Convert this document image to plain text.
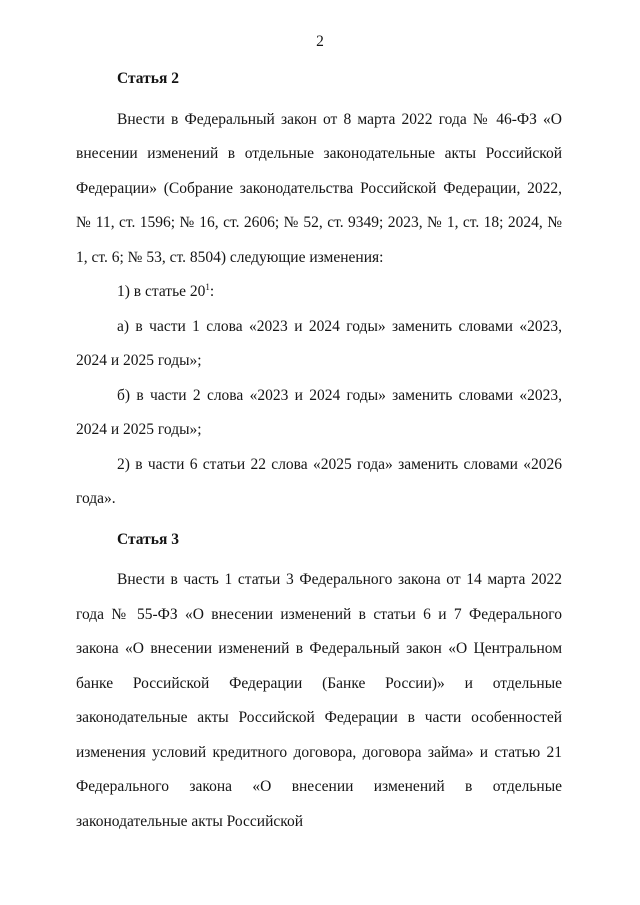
2

Статья 2

Внести в Федеральный закон от 8 марта 2022 года № 46-ФЗ «О внесении изменений в отдельные законодательные акты Российской Федерации» (Собрание законодательства Российской Федерации, 2022, № 11, ст. 1596; № 16, ст. 2606; № 52, ст. 9349; 2023, № 1, ст. 18; 2024, № 1, ст. 6; № 53, ст. 8504) следующие изменения:

1) в статье $20^1$:

а) в части 1 слова «2023 и 2024 годы» заменить словами «2023, 2024 и 2025 годы»;

б) в части 2 слова «2023 и 2024 годы» заменить словами «2023, 2024 и 2025 годы»;

2) в части 6 статьи 22 слова «2025 года» заменить словами «2026 года».

Статья 3

Внести в часть 1 статьи 3 Федерального закона от 14 марта 2022 года № 55-ФЗ «О внесении изменений в статьи 6 и 7 Федерального закона «О внесении изменений в Федеральный закон «О Центральном банке Российской Федерации (Банке России)» и отдельные законодательные акты Российской Федерации в части особенностей изменения условий кредитного договора, договора займа» и статью 21 Федерального закона «О внесении изменений в отдельные законодательные акты Российской
